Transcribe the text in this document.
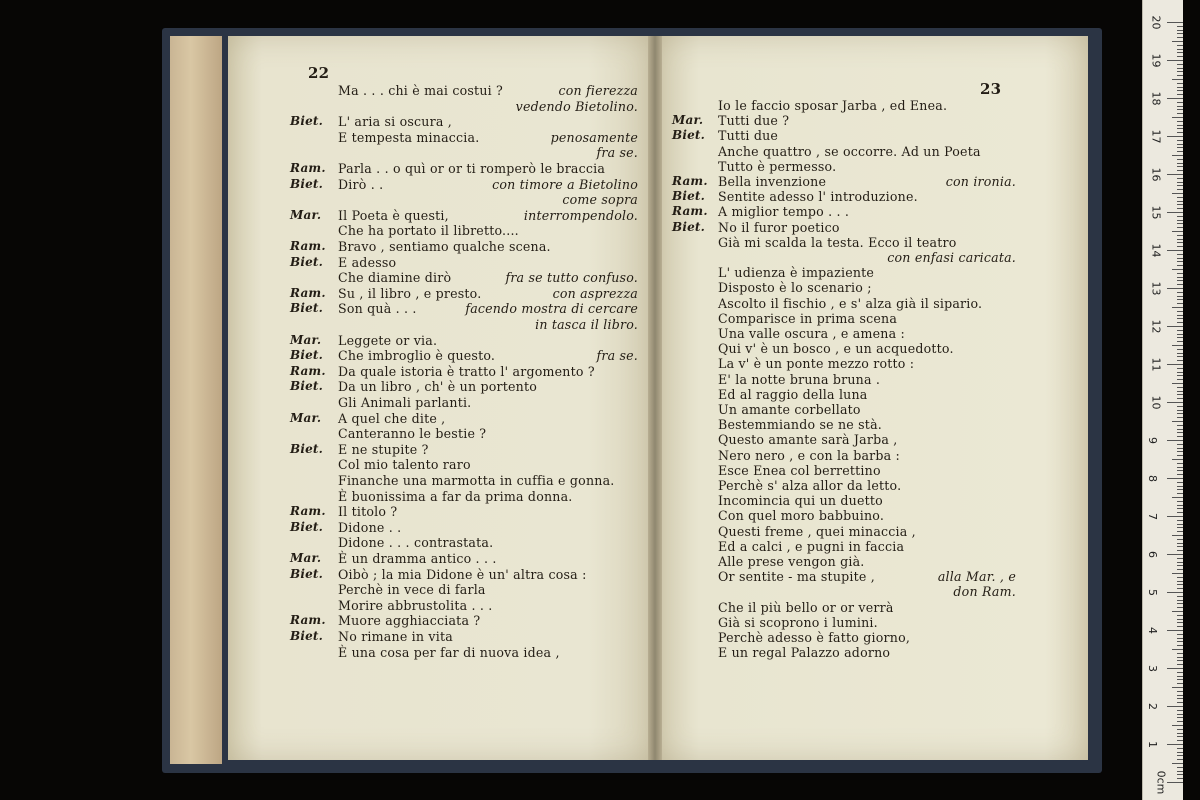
22
Ma . . . chi è mai costui ?	con fierezza
vedendo Bietolino.
Biet. L' aria si oscura ,
E tempesta minaccia.	penosamente
fra se.
Ram. Parla . . o quì or or ti romperò le braccia
Biet. Dirò . .	con timore a Bietolino
come sopra
Mar. Il Poeta è questi,	interrompendolo.
Che ha portato il libretto....
Ram. Bravo , sentiamo qualche scena.
Biet. E adesso
Che diamine dirò	fra se tutto confuso.
Ram. Su , il libro , e presto.	con asprezza
Biet. Son quà . . .	facendo mostra di cercare
in tasca il libro.
Mar. Leggete or via.
Biet. Che imbroglio è questo.	fra se.
Ram. Da quale istoria è tratto l' argomento ?
Biet. Da un libro , ch' è un portento
Gli Animali parlanti.
Mar. A quel che dite ,
Canteranno le bestie ?
Biet. E ne stupite ?
Col mio talento raro
Finanche una marmotta in cuffia e gonna.
È buonissima a far da prima donna.
Ram. Il titolo ?
Biet. Didone . .
Didone . . . contrastata.
Mar. È un dramma antico . . .
Biet. Oibò ; la mia Didone è un' altra cosa :
Perchè in vece di farla
Morire abbrustolita . . .
Ram. Muore agghiacciata ?
Biet. No rimane in vita
È una cosa per far di nuova idea ,
23
Io le faccio sposar Jarba , ed Enea.
Mar. Tutti due ?
Biet. Tutti due
Anche quattro , se occorre. Ad un Poeta
Tutto è permesso.
Ram. Bella invenzione	con ironia.
Biet. Sentite adesso l' introduzione.
Ram. A miglior tempo . . .
Biet. No il furor poetico
Già mi scalda la testa. Ecco il teatro
con enfasi caricata.
L' udienza è impaziente
Disposto è lo scenario ;
Ascolto il fischio , e s' alza già il sipario.
Comparisce in prima scena
Una valle oscura , e amena :
Qui v' è un bosco , e un acquedotto.
La v' è un ponte mezzo rotto :
E' la notte bruna bruna .
Ed al raggio della luna
Un amante corbellato
Bestemmiando se ne stà.
Questo amante sarà Jarba ,
Nero nero , e con la barba :
Esce Enea col berrettino
Perchè s' alza allor da letto.
Incomincia qui un duetto
Con quel moro babbuino.
Questi freme , quei minaccia ,
Ed a calci , e pugni in faccia
Alle prese vengon già.
Or sentite - ma stupite ,	alla Mar. , e
don Ram.
Che il più bello or or verrà
Già si scoprono i lumini.
Perchè adesso è fatto giorno,
E un regal Palazzo adorno
0cm
1
2
3
4
5
6
7
8
9
10
11
12
13
14
15
16
17
18
19
20
